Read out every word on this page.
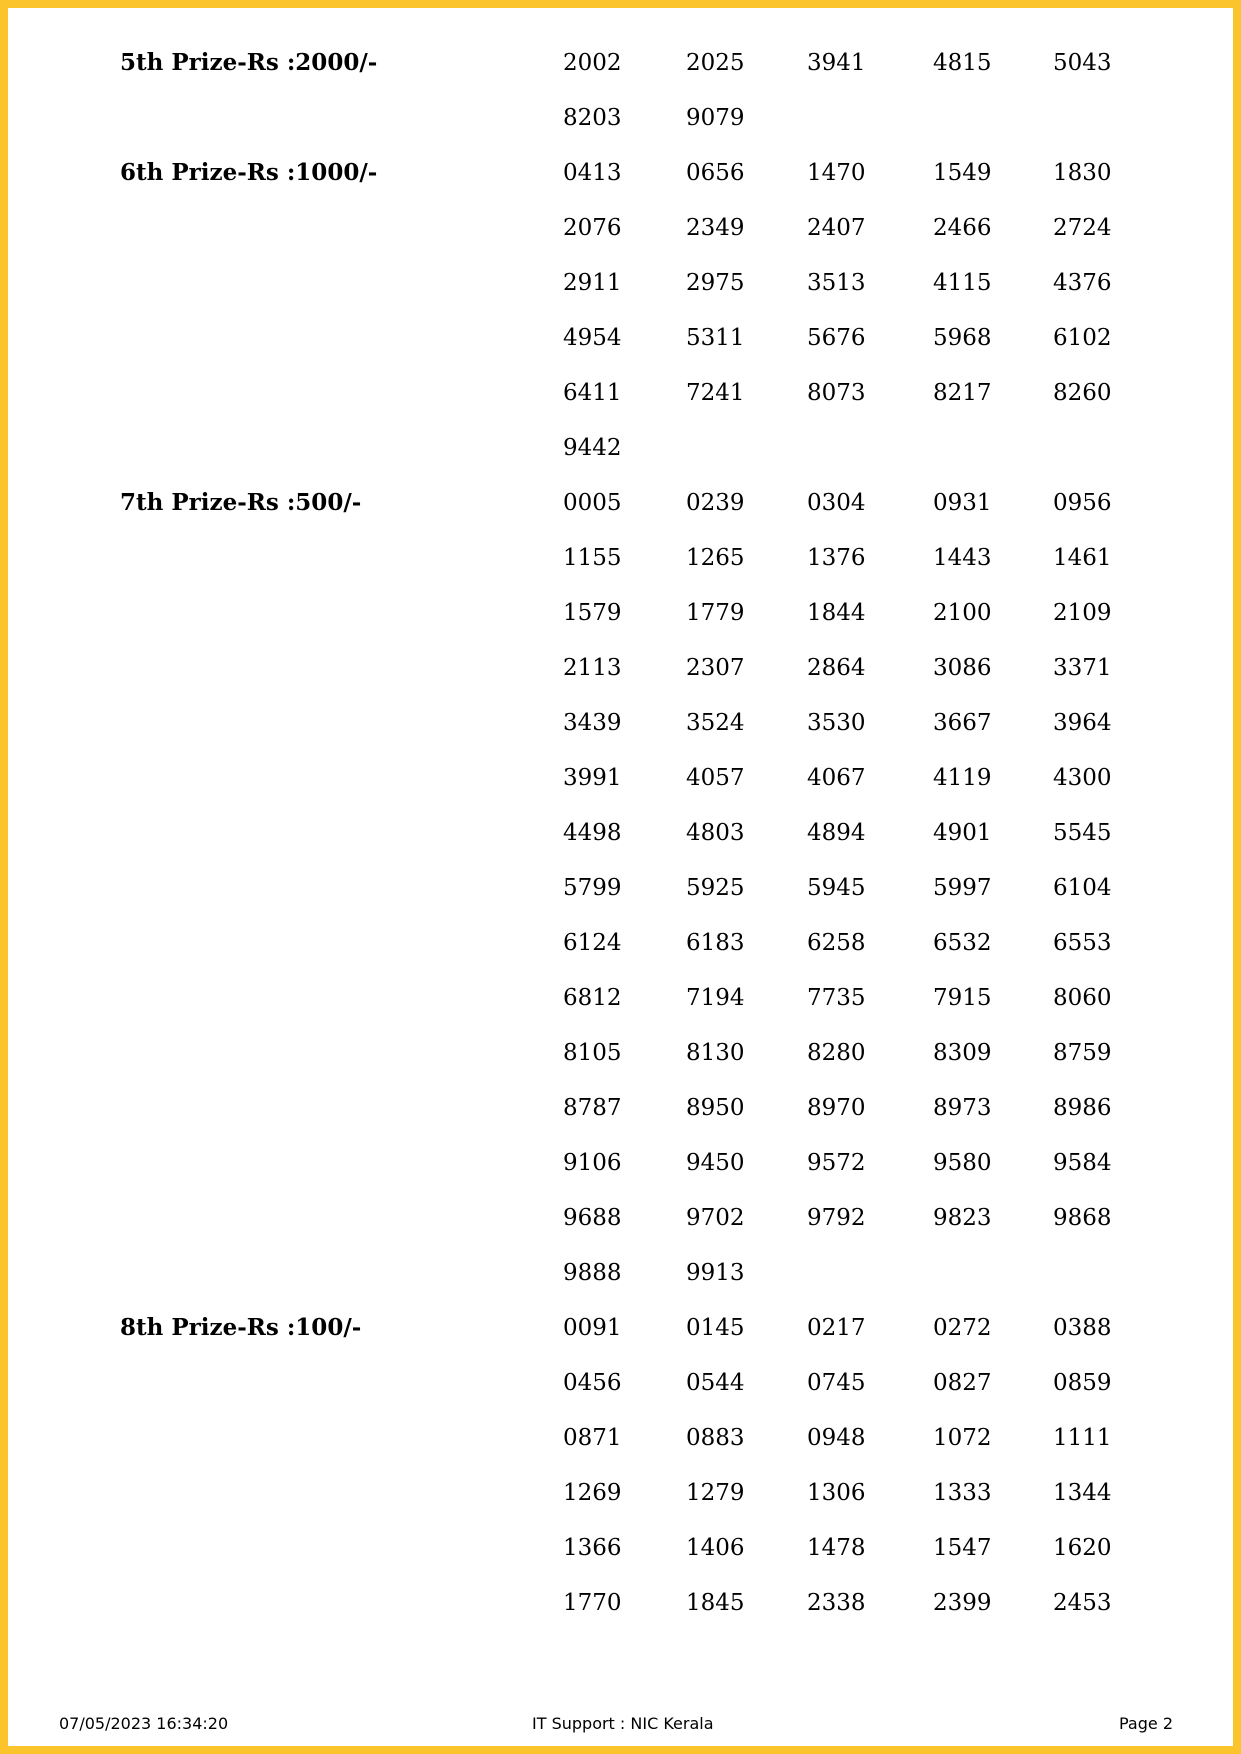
5th Prize-Rs :2000/-	2002	2025	3941	4815	5043
8203	9079
6th Prize-Rs :1000/-	0413	0656	1470	1549	1830
2076	2349	2407	2466	2724
2911	2975	3513	4115	4376
4954	5311	5676	5968	6102
6411	7241	8073	8217	8260
9442
7th Prize-Rs :500/-	0005	0239	0304	0931	0956
1155	1265	1376	1443	1461
1579	1779	1844	2100	2109
2113	2307	2864	3086	3371
3439	3524	3530	3667	3964
3991	4057	4067	4119	4300
4498	4803	4894	4901	5545
5799	5925	5945	5997	6104
6124	6183	6258	6532	6553
6812	7194	7735	7915	8060
8105	8130	8280	8309	8759
8787	8950	8970	8973	8986
9106	9450	9572	9580	9584
9688	9702	9792	9823	9868
9888	9913
8th Prize-Rs :100/-	0091	0145	0217	0272	0388
0456	0544	0745	0827	0859
0871	0883	0948	1072	1111
1269	1279	1306	1333	1344
1366	1406	1478	1547	1620
1770	1845	2338	2399	2453
07/05/2023 16:34:20	IT Support : NIC Kerala	Page 2
